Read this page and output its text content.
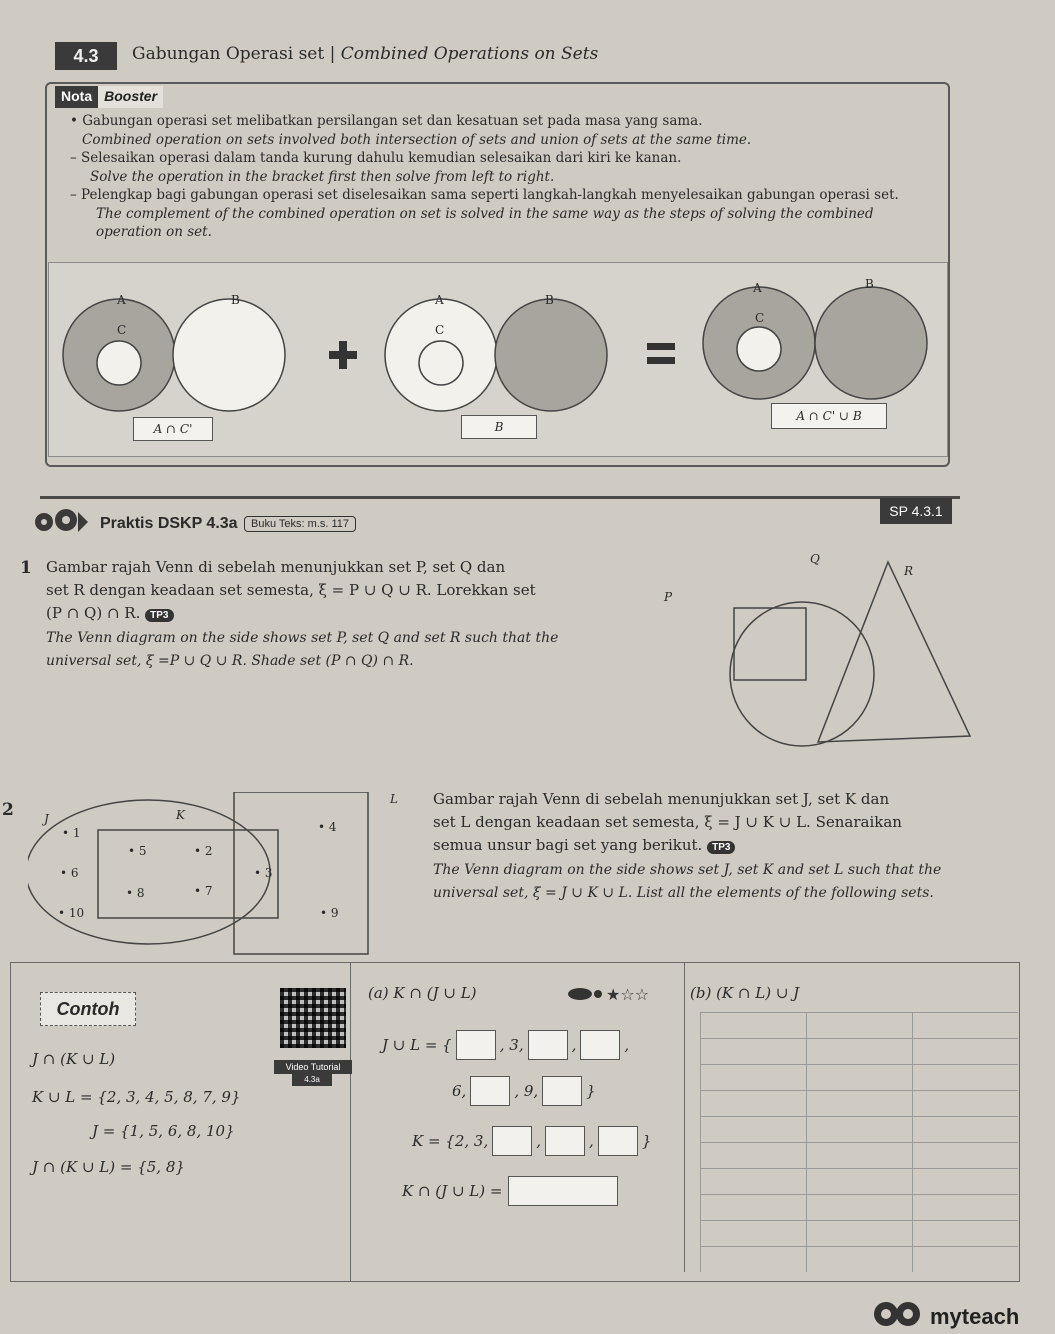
4.3	Gabungan Operasi set | Combined Operations on Sets
Nota Booster

• Gabungan operasi set melibatkan persilangan set dan kesatuan set pada masa yang sama.

Combined operation on sets involved both intersection of sets and union of sets at the same time.

– Selesaikan operasi dalam tanda kurung dahulu kemudian selesaikan dari kiri ke kanan.

Solve the operation in the bracket first then solve from left to right.

– Pelengkap bagi gabungan operasi set diselesaikan sama seperti langkah-langkah menyelesaikan gabungan operasi set.

The complement of the combined operation on set is solved in the same way as the steps of solving the combined operation on set.

A	B
C
A ∩ C'
A	B
C
B
A	B
C
A ∩ C' ∪ B
SP 4.3.1
Praktis DSKP 4.3a	Buku Teks: m.s. 117
1 Gambar rajah Venn di sebelah menunjukkan set P, set Q dan
set R dengan keadaan set semesta, ξ = P ∪ Q ∪ R. Lorekkan set
(P ∩ Q) ∩ R. TP3
The Venn diagram on the side shows set P, set Q and set R such that the
universal set, ξ =P ∪ Q ∪ R. Shade set (P ∩ Q) ∩ R.
Q
R
P
2	J	K
L
• 1
• 5	• 2
• 6	• 3
• 8	• 7
• 10
• 4
• 9
Gambar rajah Venn di sebelah menunjukkan set J, set K dan
set L dengan keadaan set semesta, ξ = J ∪ K ∪ L. Senaraikan
semua unsur bagi set yang berikut. TP3
The Venn diagram on the side shows set J, set K and set L such that the
universal set, ξ = J ∪ K ∪ L. List all the elements of the following sets.
Contoh
J ∩ (K ∪ L)
K ∪ L = {2, 3, 4, 5, 8, 7, 9}
J = {1, 5, 6, 8, 10}
J ∩ (K ∪ L) = {5, 8}
Video Tutorial
4.3a
(a) K ∩ (J ∪ L)	★☆☆
J ∪ L = {	, 3,	,	,
6,	, 9,	}
K = {2, 3,	,	,	}
K ∩ (J ∪ L) =
(b) (K ∩ L) ∪ J
myteach
